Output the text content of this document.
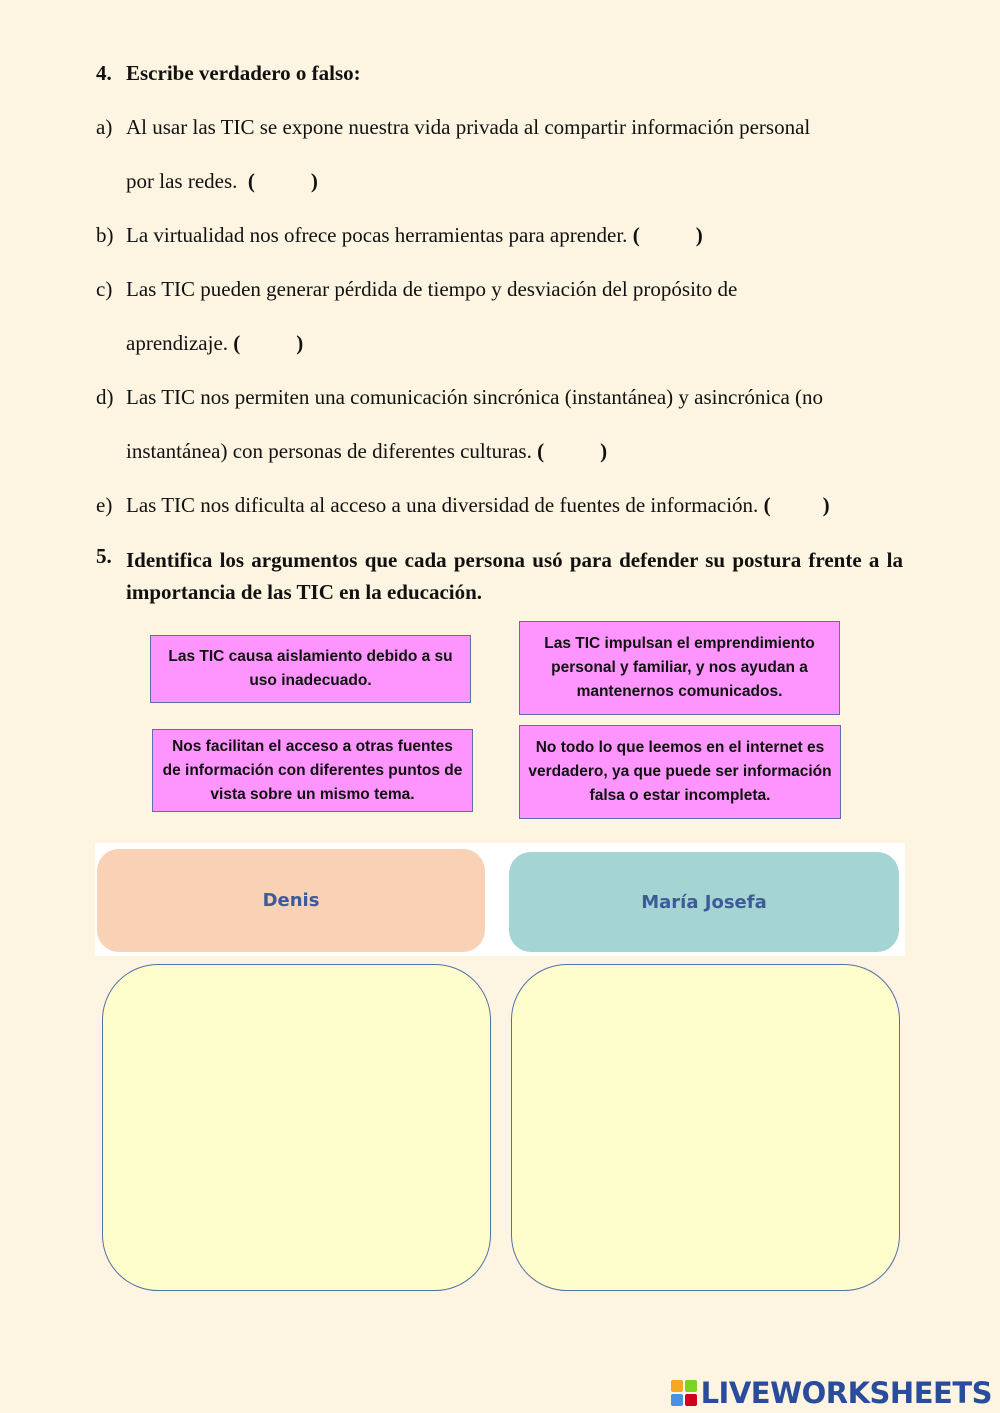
4. Escribe verdadero o falso:
a) Al usar las TIC se expone nuestra vida privada al compartir información personal
por las redes. (	)
b) La virtualidad nos ofrece pocas herramientas para aprender. (	)
c) Las TIC pueden generar pérdida de tiempo y desviación del propósito de
aprendizaje. (	)
d) Las TIC nos permiten una comunicación sincrónica (instantánea) y asincrónica (no
instantánea) con personas de diferentes culturas. (	)
e) Las TIC nos dificulta al acceso a una diversidad de fuentes de información. ( )
5. Identifica los argumentos que cada persona usó para defender su postura frente a la importancia de las TIC en la educación.
Las TIC causa aislamiento debido a su uso inadecuado.
Las TIC impulsan el emprendimiento personal y familiar, y nos ayudan a mantenernos comunicados.
Nos facilitan el acceso a otras fuentes de información con diferentes puntos de vista sobre un mismo tema.
No todo lo que leemos en el internet es verdadero, ya que puede ser información falsa o estar incompleta.
Denis	María Josefa
LIVEWORKSHEETS
